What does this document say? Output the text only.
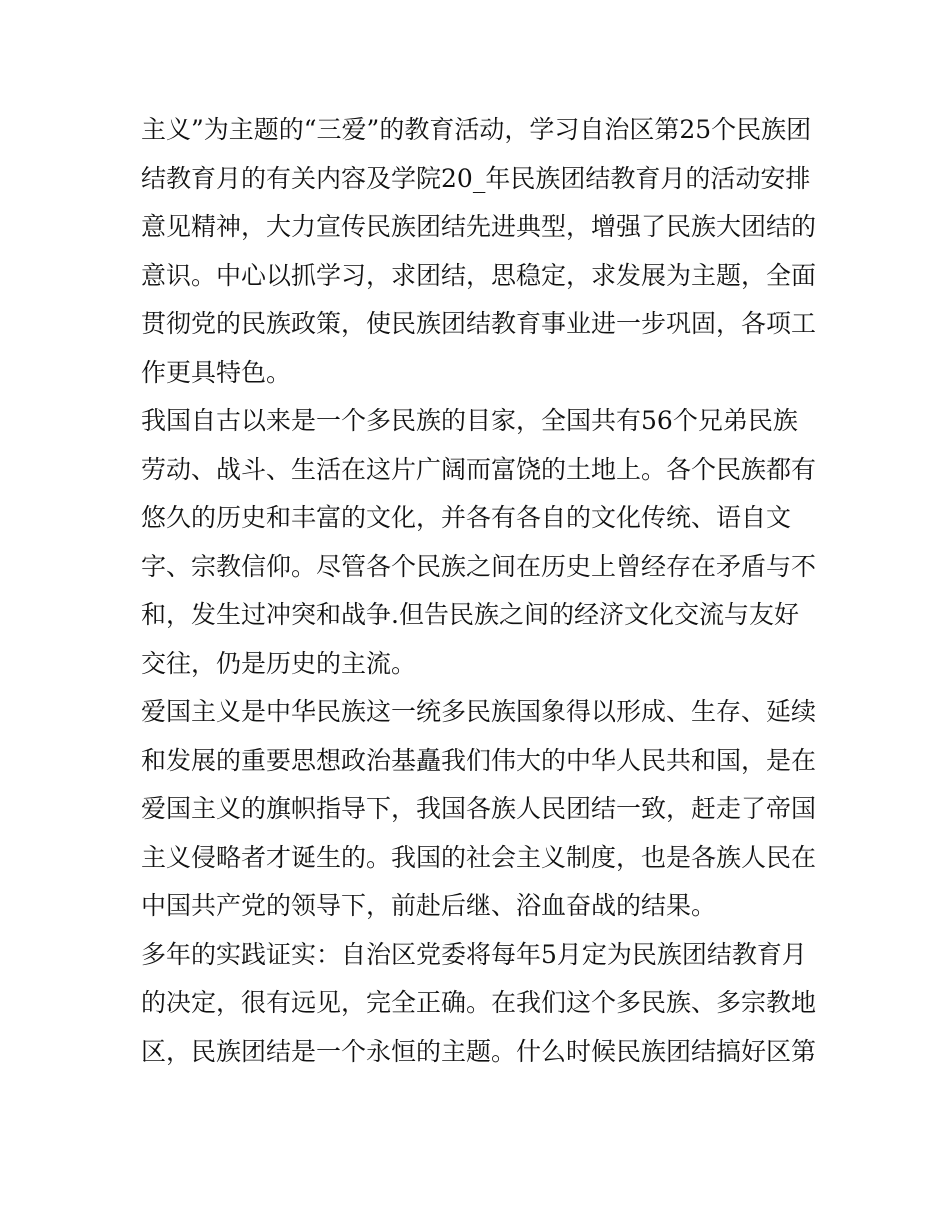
主义”为主题的“三爱”的教育活动，学习自治区第25个民族团
结教育月的有关内容及学院20_年民族团结教育月的活动安排
意见精神，大力宣传民族团结先进典型，增强了民族大团结的
意识。中心以抓学习，求团结，思稳定，求发展为主题，全面
贯彻党的民族政策，使民族团结教育事业进一步巩固，各项工
作更具特色。
我国自古以来是一个多民族的目家，全国共有56个兄弟民族
劳动、战斗、生活在这片广阔而富饶的土地上。各个民族都有
悠久的历史和丰富的文化，并各有各自的文化传统、语自文
字、宗教信仰。尽管各个民族之间在历史上曾经存在矛盾与不
和，发生过冲突和战争.但告民族之间的经济文化交流与友好
交往，仍是历史的主流。
爱国主义是中华民族这一统多民族国象得以形成、生存、延续
和发展的重要思想政治基矗我们伟大的中华人民共和国，是在
爱国主义的旗帜指导下，我国各族人民团结一致，赶走了帝国
主义侵略者才诞生的。我国的社会主义制度，也是各族人民在
中国共产党的领导下，前赴后继、浴血奋战的结果。
多年的实践证实：自治区党委将每年5月定为民族团结教育月
的决定，很有远见，完全正确。在我们这个多民族、多宗教地
区，民族团结是一个永恒的主题。什么时候民族团结搞好区第
